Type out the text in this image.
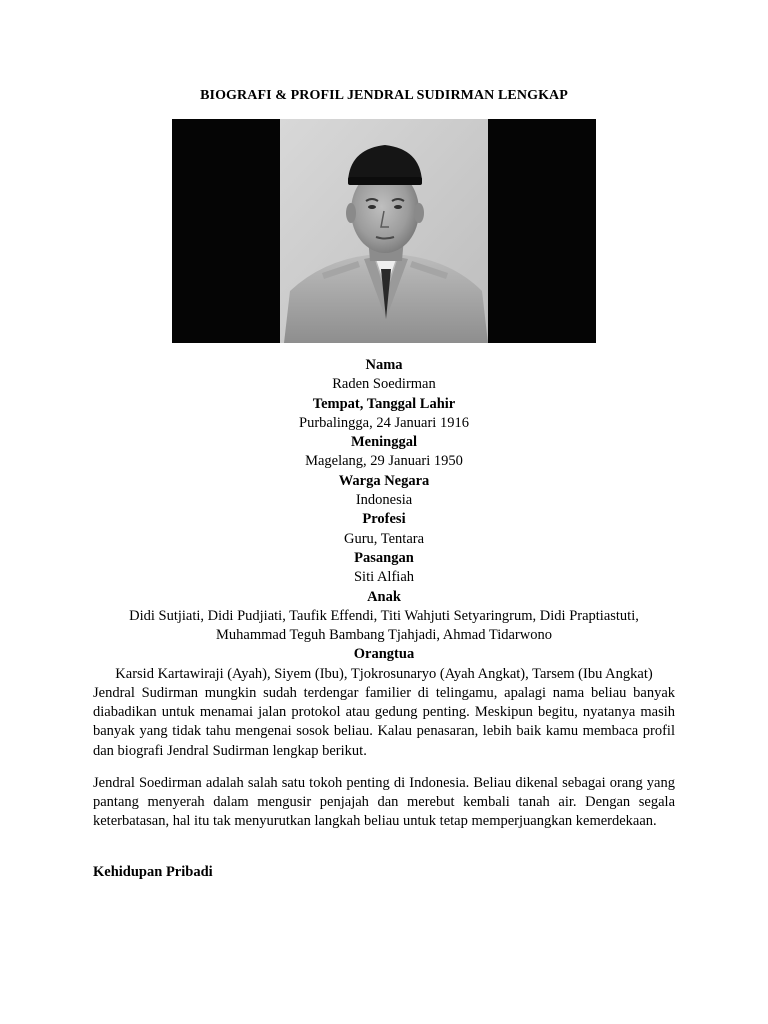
BIOGRAFI & PROFIL JENDRAL SUDIRMAN LENGKAP
Nama
Raden Soedirman
Tempat, Tanggal Lahir
Purbalingga, 24 Januari 1916
Meninggal
Magelang, 29 Januari 1950
Warga Negara
Indonesia
Profesi
Guru, Tentara
Pasangan
Siti Alfiah
Anak
Didi Sutjiati, Didi Pudjiati, Taufik Effendi, Titi Wahjuti Setyaringrum, Didi Praptiastuti,
Muhammad Teguh Bambang Tjahjadi, Ahmad Tidarwono
Orangtua
Karsid Kartawiraji (Ayah), Siyem (Ibu), Tjokrosunaryo (Ayah Angkat), Tarsem (Ibu Angkat)

Jendral Sudirman mungkin sudah terdengar familier di telingamu, apalagi nama beliau banyak diabadikan untuk menamai jalan protokol atau gedung penting. Meskipun begitu, nyatanya masih banyak yang tidak tahu mengenai sosok beliau. Kalau penasaran, lebih baik kamu membaca profil dan biografi Jendral Sudirman lengkap berikut.

Jendral Soedirman adalah salah satu tokoh penting di Indonesia. Beliau dikenal sebagai orang yang pantang menyerah dalam mengusir penjajah dan merebut kembali tanah air. Dengan segala keterbatasan, hal itu tak menyurutkan langkah beliau untuk tetap memperjuangkan kemerdekaan.

Kehidupan Pribadi
